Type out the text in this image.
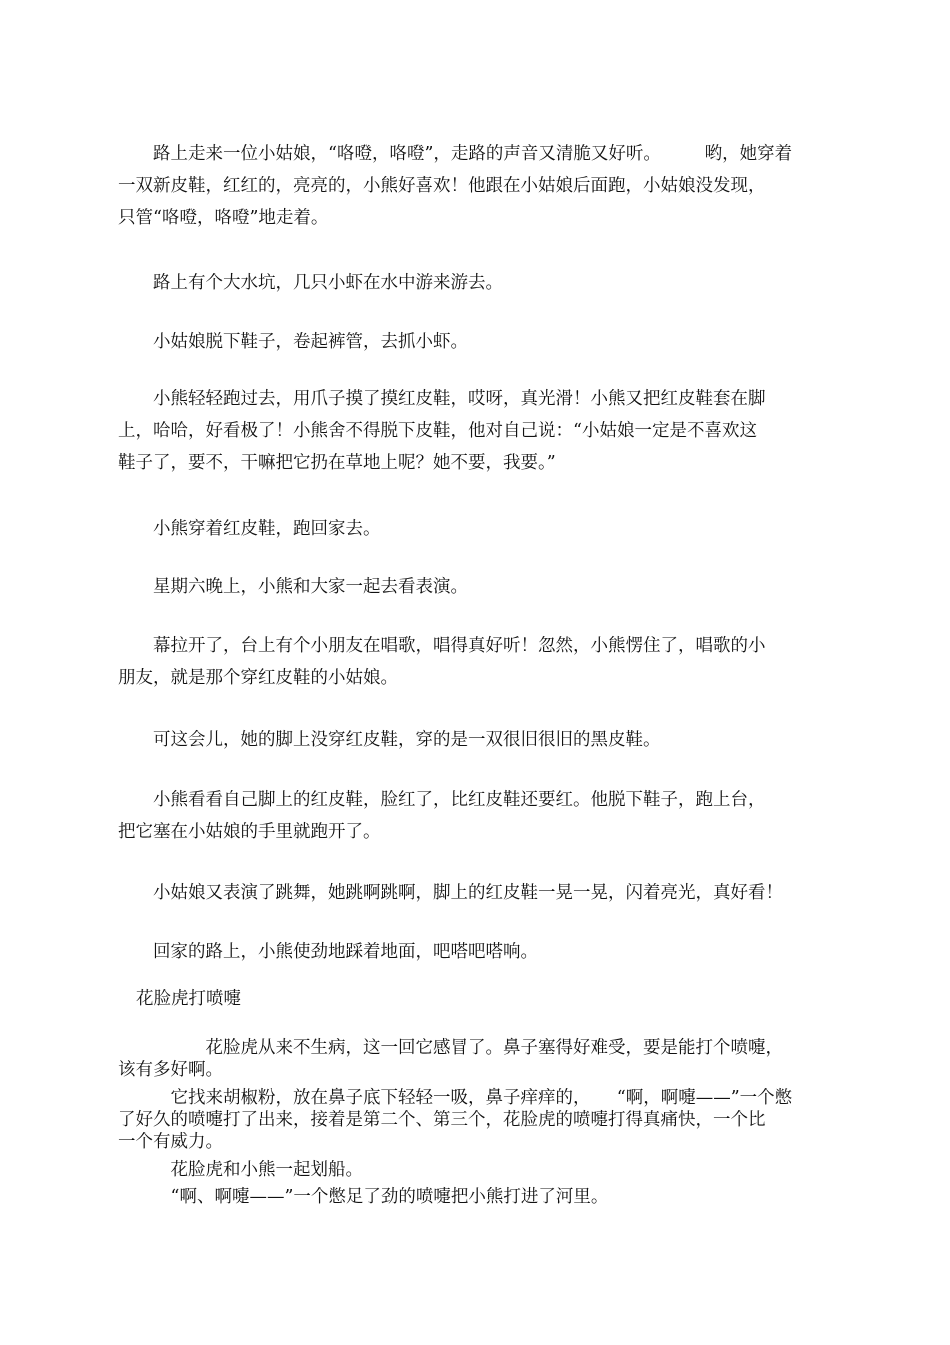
　　路上走来一位小姑娘，“咯噔，咯噔”，走路的声音又清脆又好听。　　　哟，她穿着
一双新皮鞋，红红的，亮亮的，小熊好喜欢！他跟在小姑娘后面跑，小姑娘没发现，
只管“咯噔，咯噔”地走着。
　　路上有个大水坑，几只小虾在水中游来游去。
　　小姑娘脱下鞋子，卷起裤管，去抓小虾。
　　小熊轻轻跑过去，用爪子摸了摸红皮鞋，哎呀，真光滑！小熊又把红皮鞋套在脚
上，哈哈，好看极了！小熊舍不得脱下皮鞋，他对自己说：“小姑娘一定是不喜欢这
鞋子了，要不，干嘛把它扔在草地上呢？她不要，我要。”
　　小熊穿着红皮鞋，跑回家去。
　　星期六晚上，小熊和大家一起去看表演。
　　幕拉开了，台上有个小朋友在唱歌，唱得真好听！忽然，小熊愣住了，唱歌的小
朋友，就是那个穿红皮鞋的小姑娘。
　　可这会儿，她的脚上没穿红皮鞋，穿的是一双很旧很旧的黑皮鞋。
　　小熊看看自己脚上的红皮鞋，脸红了，比红皮鞋还要红。他脱下鞋子，跑上台，
把它塞在小姑娘的手里就跑开了。
　　小姑娘又表演了跳舞，她跳啊跳啊，脚上的红皮鞋一晃一晃，闪着亮光，真好看！
　　回家的路上，小熊使劲地踩着地面，吧嗒吧嗒响。
花脸虎打喷嚏
　　　　　花脸虎从来不生病，这一回它感冒了。鼻子塞得好难受，要是能打个喷嚏，
该有多好啊。
　　　它找来胡椒粉，放在鼻子底下轻轻一吸，鼻子痒痒的，　　“啊，啊嚏——”一个憋
了好久的喷嚏打了出来，接着是第二个、第三个，花脸虎的喷嚏打得真痛快，一个比
一个有威力。
　　　花脸虎和小熊一起划船。
　　　“啊、啊嚏——”一个憋足了劲的喷嚏把小熊打进了河里。
